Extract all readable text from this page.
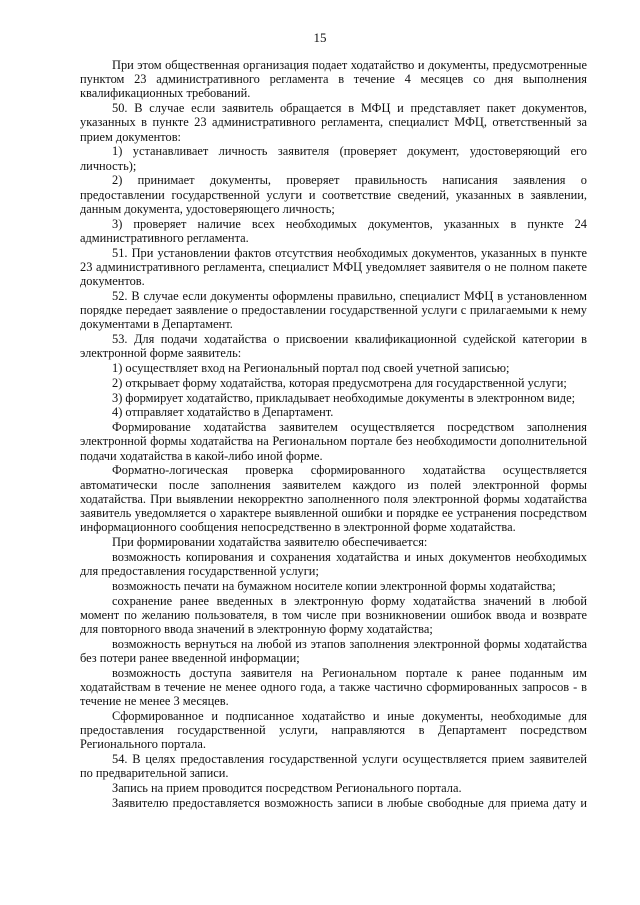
15

При этом общественная организация подает ходатайство и документы, предусмотренные пунктом 23 административного регламента в течение 4 месяцев со дня выполнения квалификационных требований.

50. В случае если заявитель обращается в МФЦ и представляет пакет документов, указанных в пункте 23 административного регламента, специалист МФЦ, ответственный за прием документов:

1) устанавливает личность заявителя (проверяет документ, удостоверяющий его личность);

2) принимает документы, проверяет правильность написания заявления о предоставлении государственной услуги и соответствие сведений, указанных в заявлении, данным документа, удостоверяющего личность;

3) проверяет наличие всех необходимых документов, указанных в пункте 24 административного регламента.

51. При установлении фактов отсутствия необходимых документов, указанных в пункте 23 административного регламента, специалист МФЦ уведомляет заявителя о не полном пакете документов.

52. В случае если документы оформлены правильно, специалист МФЦ в установленном порядке передает заявление о предоставлении государственной услуги с прилагаемыми к нему документами в Департамент.

53. Для подачи ходатайства о присвоении квалификационной судейской категории в электронной форме заявитель:

1) осуществляет вход на Региональный портал под своей учетной записью;

2) открывает форму ходатайства, которая предусмотрена для государственной услуги;

3) формирует ходатайство, прикладывает необходимые документы в электронном виде;

4) отправляет ходатайство в Департамент.

Формирование ходатайства заявителем осуществляется посредством заполнения электронной формы ходатайства на Региональном портале без необходимости дополнительной подачи ходатайства в какой-либо иной форме.

Форматно-логическая проверка сформированного ходатайства осуществляется автоматически после заполнения заявителем каждого из полей электронной формы ходатайства. При выявлении некорректно заполненного поля электронной формы ходатайства заявитель уведомляется о характере выявленной ошибки и порядке ее устранения посредством информационного сообщения непосредственно в электронной форме ходатайства.

При формировании ходатайства заявителю обеспечивается:

возможность копирования и сохранения ходатайства и иных документов необходимых для предоставления государственной услуги;

возможность печати на бумажном носителе копии электронной формы ходатайства;

сохранение ранее введенных в электронную форму ходатайства значений в любой момент по желанию пользователя, в том числе при возникновении ошибок ввода и возврате для повторного ввода значений в электронную форму ходатайства;

возможность вернуться на любой из этапов заполнения электронной формы ходатайства без потери ранее введенной информации;

возможность доступа заявителя на Региональном портале к ранее поданным им ходатайствам в течение не менее одного года, а также частично сформированных запросов - в течение не менее 3 месяцев.

Сформированное и подписанное ходатайство и иные документы, необходимые для предоставления государственной услуги, направляются в Департамент посредством Регионального портала.

54. В целях предоставления государственной услуги осуществляется прием заявителей по предварительной записи.

Запись на прием проводится посредством Регионального портала.

Заявителю предоставляется возможность записи в любые свободные для приема дату и
